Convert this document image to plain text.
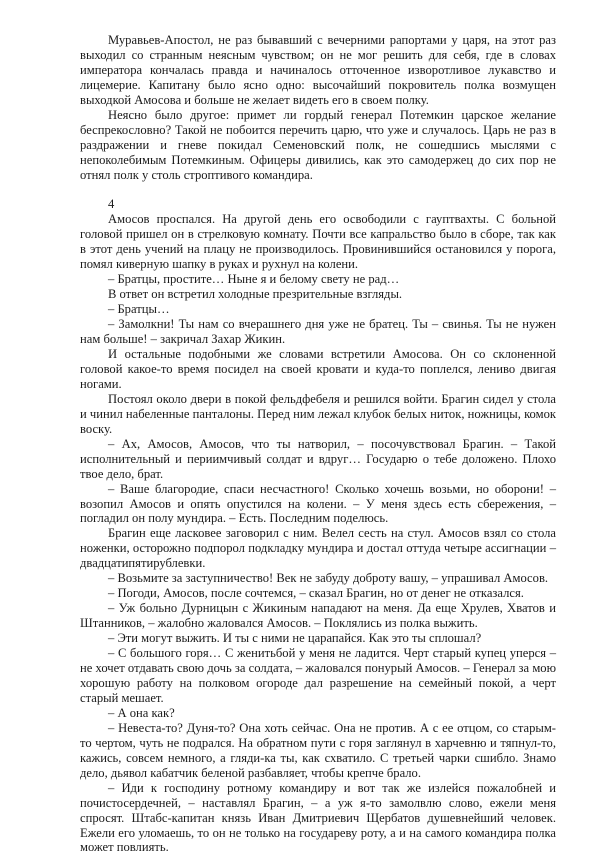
Муравьев-Апостол, не раз бывавший с вечерними рапортами у царя, на этот раз выходил со странным неясным чувством; он не мог решить для себя, где в словах императора кончалась правда и начиналось отточенное изворотливое лукавство и лицемерие. Капитану было ясно одно: высочайший покровитель полка возмущен выходкой Амосова и больше не желает видеть его в своем полку.

Неясно было другое: примет ли гордый генерал Потемкин царское желание беспрекословно? Такой не побоится перечить царю, что уже и случалось. Царь не раз в раздражении и гневе покидал Семеновский полк, не сошедшись мыслями с непоколебимым Потемкиным. Офицеры дивились, как это самодержец до сих пор не отнял полк у столь строптивого командира.

4

Амосов проспался. На другой день его освободили с гауптвахты. С больной головой пришел он в стрелковую комнату. Почти все капральство было в сборе, так как в этот день учений на плацу не производилось. Провинившийся остановился у порога, помял киверную шапку в руках и рухнул на колени.

– Братцы, простите… Ныне я и белому свету не рад…

В ответ он встретил холодные презрительные взгляды.

– Братцы…

– Замолкни! Ты нам со вчерашнего дня уже не братец. Ты – свинья. Ты не нужен нам больше! – закричал Захар Жикин.

И остальные подобными же словами встретили Амосова. Он со склоненной головой какое-то время посидел на своей кровати и куда-то поплелся, лениво двигая ногами.

Постоял около двери в покой фельдфебеля и решился войти. Брагин сидел у стола и чинил набеленные панталоны. Перед ним лежал клубок белых ниток, ножницы, комок воску.

– Ах, Амосов, Амосов, что ты натворил, – посочувствовал Брагин. – Такой исполнительный и периимчивый солдат и вдруг… Государю о тебе доложено. Плохо твое дело, брат.

– Ваше благородие, спаси несчастного! Сколько хочешь возьми, но оборони! – возопил Амосов и опять опустился на колени. – У меня здесь есть сбережения, – погладил он полу мундира. – Есть. Последним поделюсь.

Брагин еще ласковее заговорил с ним. Велел сесть на стул. Амосов взял со стола ноженки, осторожно подпорол подкладку мундира и достал оттуда четыре ассигнации – двадцатипятирублевки.

– Возьмите за заступничество! Век не забуду доброту вашу, – упрашивал Амосов.

– Погоди, Амосов, после сочтемся, – сказал Брагин, но от денег не отказался.

– Уж больно Дурницын с Жикиным нападают на меня. Да еще Хрулев, Хватов и Штанников, – жалобно жаловался Амосов. – Поклялись из полка выжить.

– Эти могут выжить. И ты с ними не царапайся. Как это ты сплошал?

– С большого горя… С женитьбой у меня не ладится. Черт старый купец уперся – не хочет отдавать свою дочь за солдата, – жаловался понурый Амосов. – Генерал за мою хорошую работу на полковом огороде дал разрешение на семейный покой, а черт старый мешает.

– А она как?

– Невеста-то? Дуня-то? Она хоть сейчас. Она не против. А с ее отцом, со старым-то чертом, чуть не подрался. На обратном пути с горя заглянул в харчевню и тяпнул-то, кажись, совсем немного, а гляди-ка ты, как схватило. С третьей чарки сшибло. Знамо дело, дьявол кабатчик беленой разбавляет, чтобы крепче брало.

– Иди к господину ротному командиру и вот так же излейся пожалобней и почистосердечней, – наставлял Брагин, – а уж я-то замолвлю слово, ежели меня спросят. Штабс-капитан князь Иван Дмитриевич Щербатов душевнейший человек. Ежели его уломаешь, то он не только на государеву роту, а и на самого командира полка может повлиять.
